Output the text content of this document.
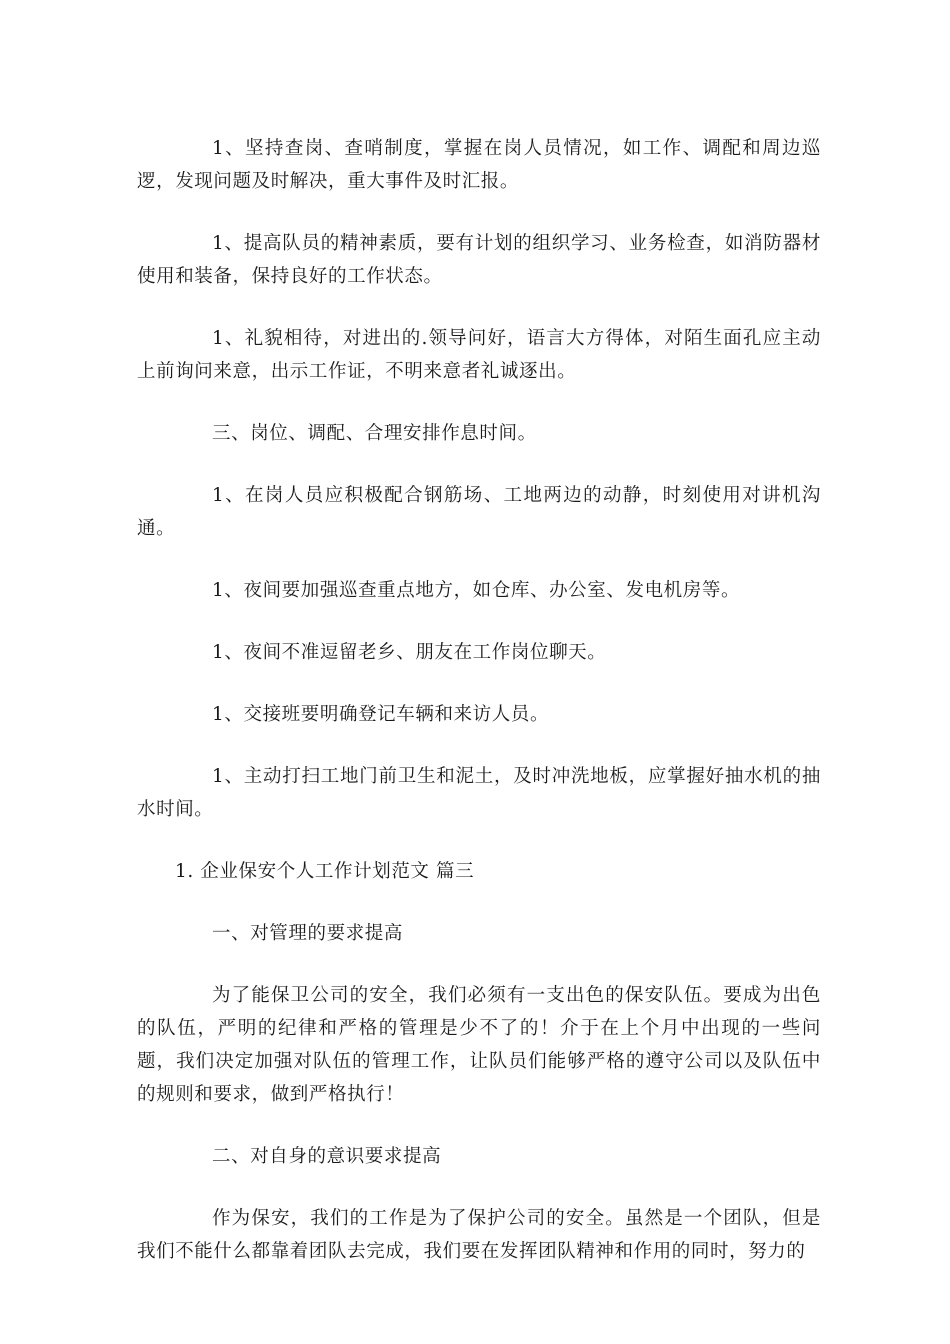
1、坚持查岗、查哨制度，掌握在岗人员情况，如工作、调配和周边巡逻，发现问题及时解决，重大事件及时汇报。

1、提高队员的精神素质，要有计划的组织学习、业务检查，如消防器材使用和装备，保持良好的工作状态。

1、礼貌相待，对进出的.领导问好，语言大方得体，对陌生面孔应主动上前询问来意，出示工作证，不明来意者礼诚逐出。

三、岗位、调配、合理安排作息时间。

1、在岗人员应积极配合钢筋场、工地两边的动静，时刻使用对讲机沟通。

1、夜间要加强巡查重点地方，如仓库、办公室、发电机房等。

1、夜间不准逗留老乡、朋友在工作岗位聊天。

1、交接班要明确登记车辆和来访人员。

1、主动打扫工地门前卫生和泥土，及时冲洗地板，应掌握好抽水机的抽水时间。

1. 企业保安个人工作计划范文 篇三

一、对管理的要求提高

为了能保卫公司的安全，我们必须有一支出色的保安队伍。要成为出色的队伍，严明的纪律和严格的管理是少不了的！介于在上个月中出现的一些问题，我们决定加强对队伍的管理工作，让队员们能够严格的遵守公司以及队伍中的规则和要求，做到严格执行！

二、对自身的意识要求提高

作为保安，我们的工作是为了保护公司的安全。虽然是一个团队，但是我们不能什么都靠着团队去完成，我们要在发挥团队精神和作用的同时，努力的
